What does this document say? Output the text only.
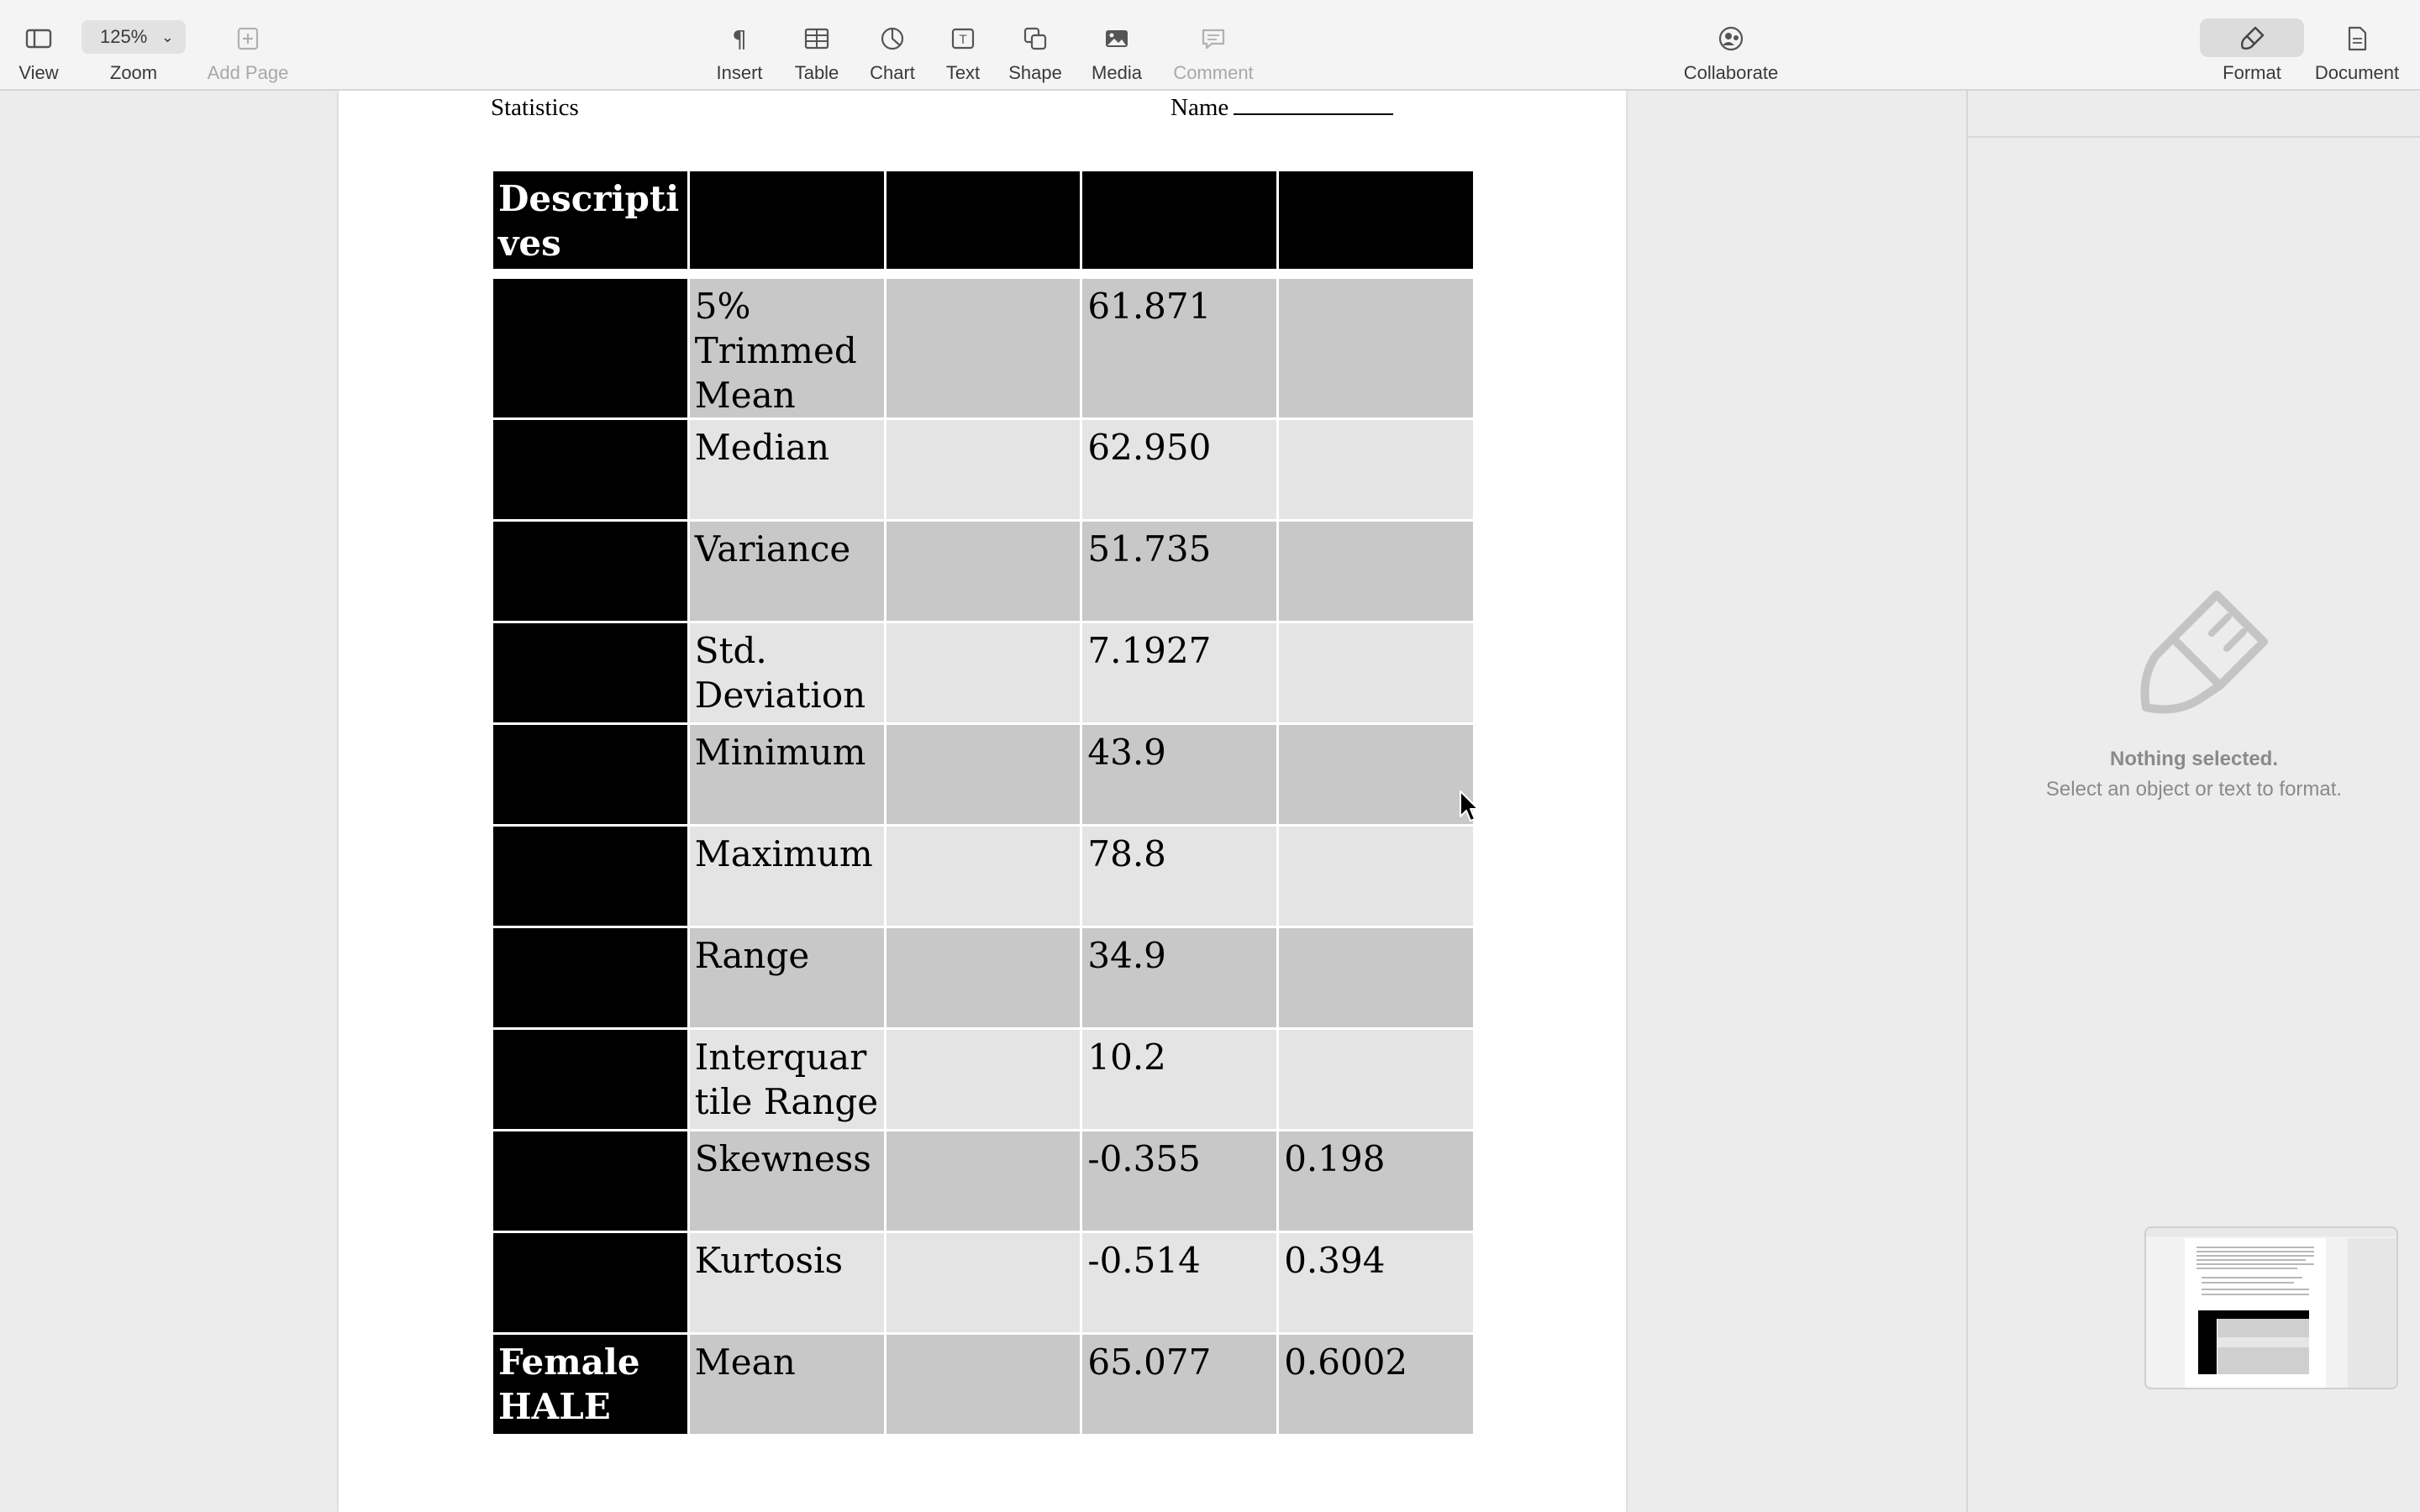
View
125% ⌄
Zoom	Add Page
¶
Insert	Table	Chart
T
Text	Shape	Media	Comment	Collaborate	Format	Document
Statistics	Name
Descriptives				

	5% Trimmed Mean		61.871	
	Median		62.950	
	Variance		51.735	
	Std. Deviation		7.1927	
	Minimum		43.9	
	Maximum		78.8	
	Range		34.9	
	Interquartile Range		10.2	
	Skewness		-0.355	0.198
	Kurtosis		-0.514	0.394
Female HALE	Mean		65.077	0.6002
Nothing selected.
Select an object or text to format.
